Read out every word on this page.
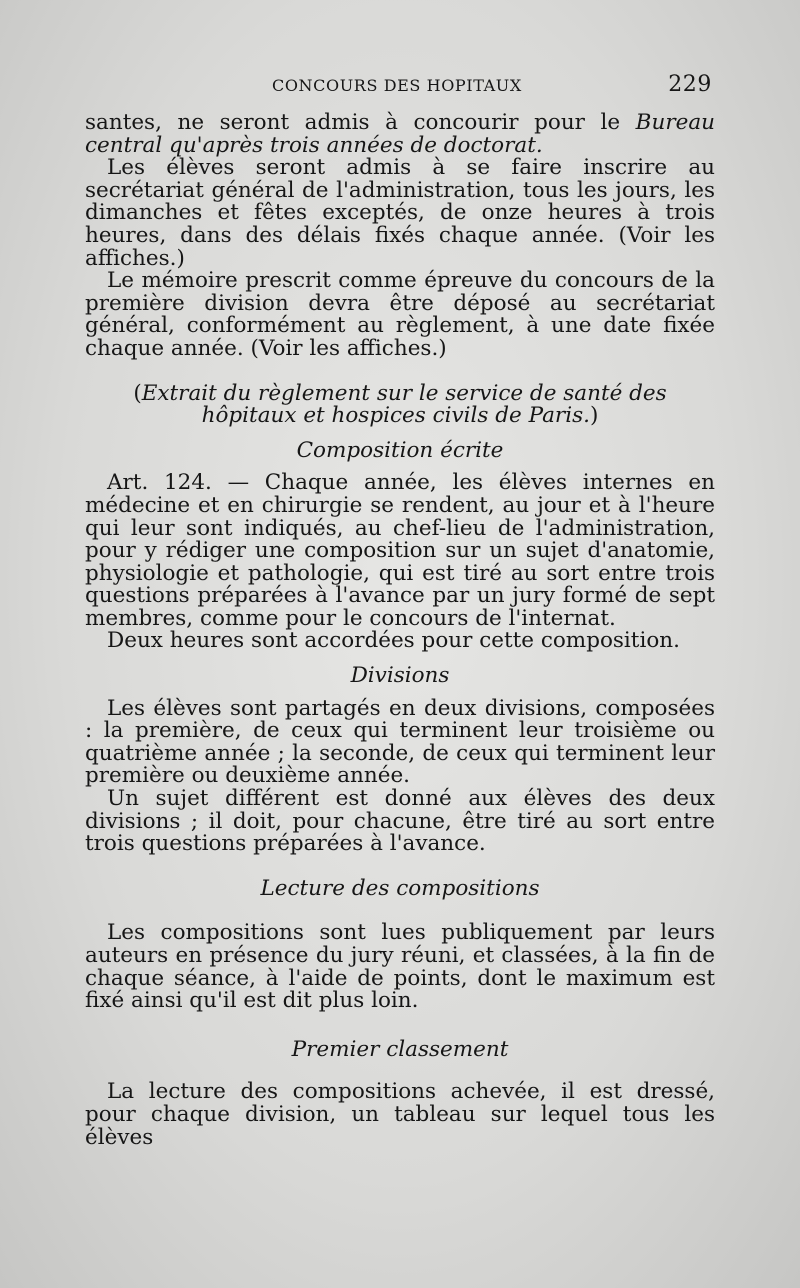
CONCOURS DES HOPITAUX	229

santes, ne seront admis à concourir pour le Bureau central qu'après trois années de doctorat.

Les élèves seront admis à se faire inscrire au secrétariat général de l'administration, tous les jours, les dimanches et fêtes exceptés, de onze heures à trois heures, dans des délais fixés chaque année. (Voir les affiches.)

Le mémoire prescrit comme épreuve du concours de la première division devra être déposé au secrétariat général, conformément au règlement, à une date fixée chaque année. (Voir les affiches.)

(Extrait du règlement sur le service de santé des hôpitaux et hospices civils de Paris.)

Composition écrite

Art. 124. — Chaque année, les élèves internes en médecine et en chirurgie se rendent, au jour et à l'heure qui leur sont indiqués, au chef-lieu de l'administration, pour y rédiger une composition sur un sujet d'anatomie, physiologie et pathologie, qui est tiré au sort entre trois questions préparées à l'avance par un jury formé de sept membres, comme pour le concours de l'internat.

Deux heures sont accordées pour cette composition.

Divisions

Les élèves sont partagés en deux divisions, composées : la première, de ceux qui terminent leur troisième ou quatrième année ; la seconde, de ceux qui terminent leur première ou deuxième année.

Un sujet différent est donné aux élèves des deux divisions ; il doit, pour chacune, être tiré au sort entre trois questions préparées à l'avance.

Lecture des compositions

Les compositions sont lues publiquement par leurs auteurs en présence du jury réuni, et classées, à la fin de chaque séance, à l'aide de points, dont le maximum est fixé ainsi qu'il est dit plus loin.

Premier classement

La lecture des compositions achevée, il est dressé, pour chaque division, un tableau sur lequel tous les élèves
